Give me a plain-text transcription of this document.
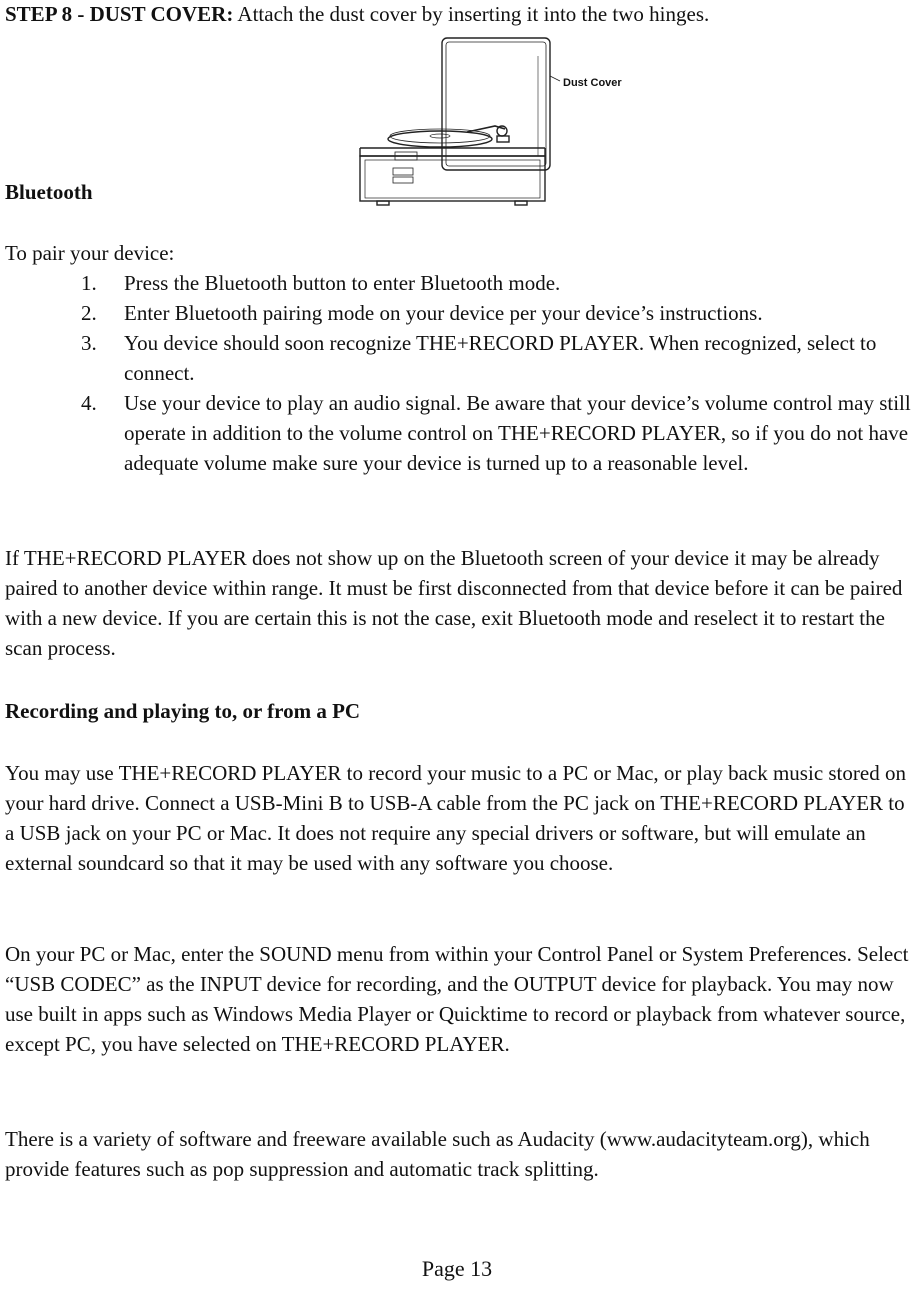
STEP 8 - DUST COVER: Attach the dust cover by inserting it into the two hinges.
Dust Cover
Bluetooth
To pair your device:
1. Press the Bluetooth button to enter Bluetooth mode.
2. Enter Bluetooth pairing mode on your device per your device’s instructions.
3. You device should soon recognize THE+RECORD PLAYER. When recognized, select to connect.
4. Use your device to play an audio signal. Be aware that your device’s volume control may still operate in addition to the volume control on THE+RECORD PLAYER, so if you do not have adequate volume make sure your device is turned up to a reasonable level.
If THE+RECORD PLAYER does not show up on the Bluetooth screen of your device it may be already paired to another device within range. It must be first disconnected from that device before it can be paired with a new device. If you are certain this is not the case, exit Bluetooth mode and reselect it to restart the scan process.
Recording and playing to, or from a PC
You may use THE+RECORD PLAYER to record your music to a PC or Mac, or play back music stored on your hard drive. Connect a USB-Mini B to USB-A cable from the PC jack on THE+RECORD PLAYER to a USB jack on your PC or Mac. It does not require any special drivers or software, but will emulate an external soundcard so that it may be used with any software you choose.
On your PC or Mac, enter the SOUND menu from within your Control Panel or System Preferences. Select “USB CODEC” as the INPUT device for recording, and the OUTPUT device for playback. You may now use built in apps such as Windows Media Player or Quicktime to record or playback from whatever source, except PC, you have selected on THE+RECORD PLAYER.
There is a variety of software and freeware available such as Audacity (www.audacityteam.org), which provide features such as pop suppression and automatic track splitting.
Page 13
